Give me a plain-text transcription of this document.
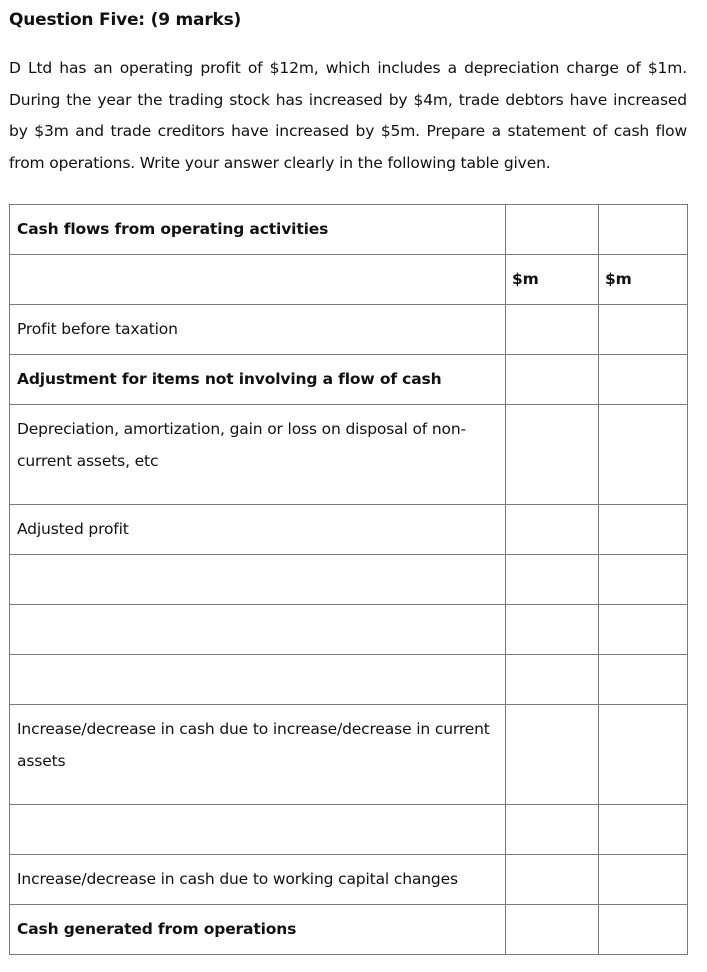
Question Five: (9 marks)

D Ltd has an operating profit of $12m, which includes a depreciation charge of $1m. During the year the trading stock has increased by $4m, trade debtors have increased by $3m and trade creditors have increased by $5m. Prepare a statement of cash flow from operations. Write your answer clearly in the following table given.

Cash flows from operating activities		

	$m	$m

Profit before taxation		
Adjustment for items not involving a flow of cash		
Depreciation, amortization, gain or loss on disposal of non-current assets, etc		
Adjusted profit		

Increase/decrease in cash due to increase/decrease in current assets		

Increase/decrease in cash due to working capital changes		
Cash generated from operations		
